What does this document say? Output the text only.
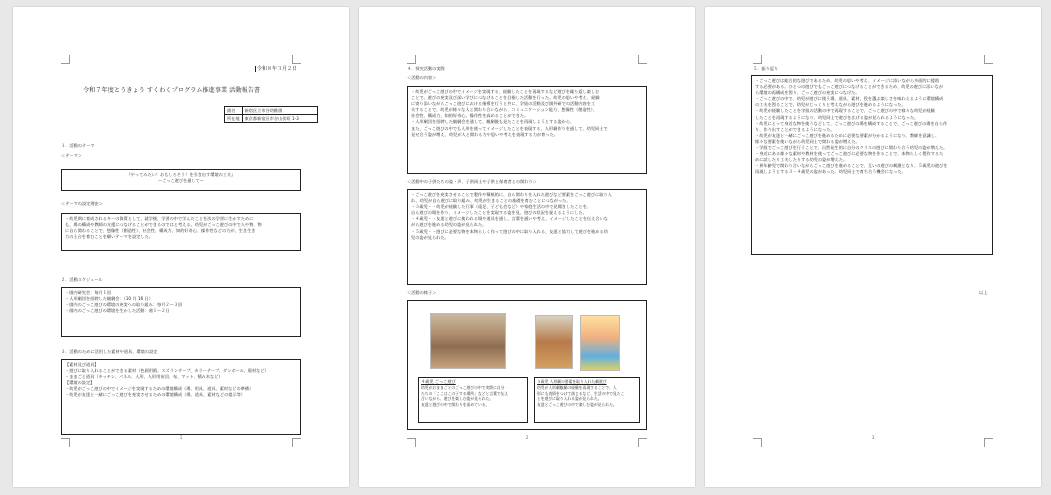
令和８年３月２日
令和７年度とうきょう すくわくプログラム推進事業 活動報告書
園名	新宿区立市谷幼稚園
所在地	東京都新宿区市谷山伏町 1-3
１．活動のテーマ
＜テーマ＞
『やってみたい！おもしろそう！を引き出す環境の工夫』
～ごっこ遊びを通して～
＜テーマの設定理由＞
・幼児期に育成されるキーの資質として、就学後、学習の中で学んだことを次の学習に生かすために
も、場の構成や教師の支援につなげることができるのではと考える。幼児がごっこ遊びの中で人や物、物
に自ら関わることで、想像性（創造性）、社会性、構成力、知的好奇心、操作性などの力が、生き生き
力の土台を育むことを願いテーマを設定した。
２．活動スケジュール
・園内研究会：毎月１回
・人形劇団を招聘した観劇会：（10 月 16 日）
・園内のごっこ遊びの環境の充実への取り組み：毎月２～３回
・園内のごっこ遊びの環境を生かした活動：週１～２日
３．活動のために活用した素材や道具、環境の設定
【素材及び道具】
・遊びに取り入れることができる素材（色画用紙、スズランテープ、カラーテープ、ダンボール、廃材など）
・ままごと道具（キッチン、パネル、人形、人形用布団、布、マット、積み木など）
【環境の設定】
・幼児がごっこ遊びの中でイメージを実現するための環境構成（場、用具、道具、素材などの準備）
・幼児が友達と一緒にごっこ遊びを充実させるための環境構成（場、道具、素材などの提示等）
1
４．探究活動の実際
＜活動の内容＞
・幼児がごっこ遊びの中でイメージを実現する、経験したことを再現するなど遊びを繰り返し楽しむ
ことで、遊びの充実及び深い学びにつなげることを目指した活動を行った。幼児の思いや考え、経験
に寄り添いながらごっこ遊びにおける指導を行うと共に、学級の活動及び園外研での活動内容を工
夫することで、幼児が様々な人と関わり合いながら、コミュニケーション能力、想像性（創造性）、
社会性、構成力、知的好奇心、操作性を高めることができた。
・人形劇団を招聘した観劇会を通して、観劇後も見たことを再現しようとする姿から、
また、ごっこ遊びの中でも人形を使ってイメージしたことを表現する、人形劇作りを通して、幼児同士で
見せ合う姿が増え、幼児が人と関わる力や思いや考えを表現する力が育った。
＜活動中の子供たちの姿・声、子供同士や子供と保育者との関わり＞
・ごっこ遊びを充実させることで製作や積極的に、自ら関わりを入れた遊びなど要素をごっこ遊びに取り入
れ、幼児が自ら遊びに取り組み、幼児が生きることの基礎を育むことにつながった。
・３歳児・・幼児が経験した行事（遠足、子ども会など）や家庭生活の中で見聞きしたことを、
自ら遊びの場を作り、イメージしたことを実現する姿を見、遊びの状況を捉えるようにした。
・４歳児・・友達と遊びに使われる場や道具を通し、言葉を通いや考え、イメージしたことを伝え合いな
がら遊びを進める幼児の姿が見られた。
・５歳児・・遊びに必要な物を本物らしく作って遊びの中に取り入れる、友達と協力して遊びを進める幼
児の姿が見られた。
＜活動の様子＞
４歳児 ごっこ遊び
幼児がおままごとのごっこ遊びの中で実際に自分
たちの「ここはこの子する場所」などと言葉で伝え
合いながら、遊びを楽しむ姿が見られた。
友達と遊びの中で関わりを深めている。
５歳児 人形劇の要素を取り入れた劇遊び
幼児が人形劇観劇の経験を再現することで、人
形にも表情をつけて演じるなど、生活の中で見たこ
とを遊びに取り入れる姿が見られた。
友達とごっこ遊びの中で楽しむ姿が見られた。
2
５．振り返り
・ごっこ遊びは総合的な遊びであるため、幼児の思いや考え、イメージに添いながら多面的に援助
する必要がある。ひとつの遊びでもごっこ遊びにつなげることができるため、幼児の遊びに添いなが
ら環境の再構成を図り、ごっこ遊びの充実につなげた。
・ごっこ遊びの中で、幼児が遊びに使う場、道具、素材、役を選ぶ楽しさを味わえるように環境構成
の工夫を図ることで、幼児がじっくりと考えながら遊びを進めるようになった。
・幼児が経験したことを学級の活動の中で再現することで、ごっこ遊びの中で様々な幼児が経験
したことを再現するようになり、幼児同士で遊びを広げる姿が見られるようになった。
・幼児にとって身近な物を使うなどして、ごっこ遊びの場を構成することで、ごっこ遊びの場を自ら作
り、作り出すことができるようになった。
・幼児が友達と一緒にごっこ遊びを進めるために必要な要素が分かるようになり、教師を意識し、
様々な要素を使いながら幼児同士で関わる姿が増えた。
・学級でごっこ遊びを行うことで、自然発生的に自分のクラスの遊びに関わり合う幼児の姿が増えた。
・身近にある様々な素材や教材を使ってごっこ遊びに必要な物を作ることで、本物らしく製作するた
めに試したり工夫したりする幼児の姿が増えた。
・異年齢児で関わり合いながらごっこ遊びを進めることで、互いの遊びの刺激となり、５歳児の遊びを
再現しようとする３・４歳児の姿があった。幼児同士で育ち合う機会になった。
以上
3
